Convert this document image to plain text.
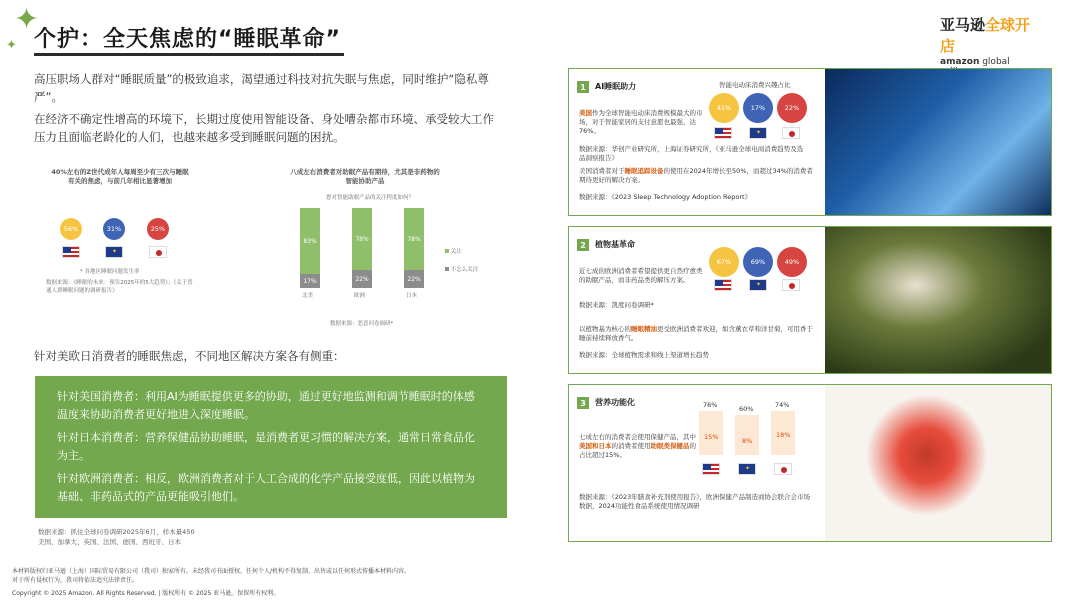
✦
✦ 个护：全天焦虑的“睡眠革命”
亚马逊全球开店
amazon global
高压职场人群对“睡眠质量”的极致追求，渴望通过科技对抗失眠与焦虑，同时维护“隐私尊严”。
在经济不确定性增高的环境下，长期过度使用智能设备、身处嘈杂都市环境、承受较大工作压力且面临老龄化的人们，也越来越多受到睡眠问题的困扰。
40%左右的Z世代成年人每周至少有三次与睡眠有关的焦虑，与前几年相比显著增加
56%	31%	25%
✦
* 各地区睡眠问题发生率
数据来源：《睡眠的未来：预告2025年的5大趋势》；《关于普通人群睡眠问题的调研报告》
八成左右消费者对助眠产品有期待，尤其是非药物的智能协助产品
您对智能助眠产品的关注程度如何？
83%
17%
北美
78%
22%
欧洲
78%
22%
日本
关注
不怎么关注
数据来源：恶意问卷调研*
针对美欧日消费者的睡眠焦虑，不同地区解决方案各有侧重：

针对美国消费者：利用AI为睡眠提供更多的协助，通过更好地监测和调节睡眠时的体感温度来协助消费者更好地进入深度睡眠。

针对日本消费者：营养保健品协助睡眠，是消费者更习惯的解决方案，通常日常食品化为主。

针对欧洲消费者：相反，欧洲消费者对于人工合成的化学产品接受度低，因此以植物为基础、非药品式的产品更能吸引他们。

数据来源：抓住全球问卷调研2025年6月，样本量450
美国、加拿大、英国、法国、德国、西班牙、日本
1	AI睡眠助力	智能电动床消费兴趣占比
41%	17%	22%
✦
美国作为全球智能电动床消费规模最大的市场，对于智能家居的支付意愿也最强，达76%。
数据来源：华创产业研究所，上海证券研究所，《亚马逊全球电商消费趋势及选品洞察报告》
美国消费者对于睡眠追踪设备的使用在2024年增长至50%，而超过34%的消费者期待更好的解决方案。
数据来源：《2023 Sleep Technology Adoption Report》
2	植物基革命
67%	69%	49%
✦
近七成的欧洲消费者希望提供更自然疗愈类的助眠产品，而非药品类的解压方案。
数据来源：凯度问卷调研*
以植物基为核心的睡眠精油更受欧洲消费者欢迎，如含薰衣草和洋甘菊，可用香于睡前持续释放香气。
数据来源：全球植物需求和线上渠道增长趋势
3	营养功能化	76%	60%	74%
15%	8%
18%
✦
七成左右的消费者会使用保健产品，其中美国和日本的消费者使用助眠类保健品的占比超过15%。
数据来源：《2023年膳食补充剂使用报告》，欧洲保健产品制造商协会联合会市场数据，2024功能性食品系统使用情况调研
本材料版权归亚马逊（上海）国际贸易有限公司（我司）独家所有。未经我司书面授权，任何个人/机构不得复制、出售或以任何形式传播本材料内容。
对于所有侵权行为，我司将依法追究法律责任。
Copyright © 2025 Amazon. All Rights Reserved. | 版权所有 © 2025 亚马逊。保留所有权利。
